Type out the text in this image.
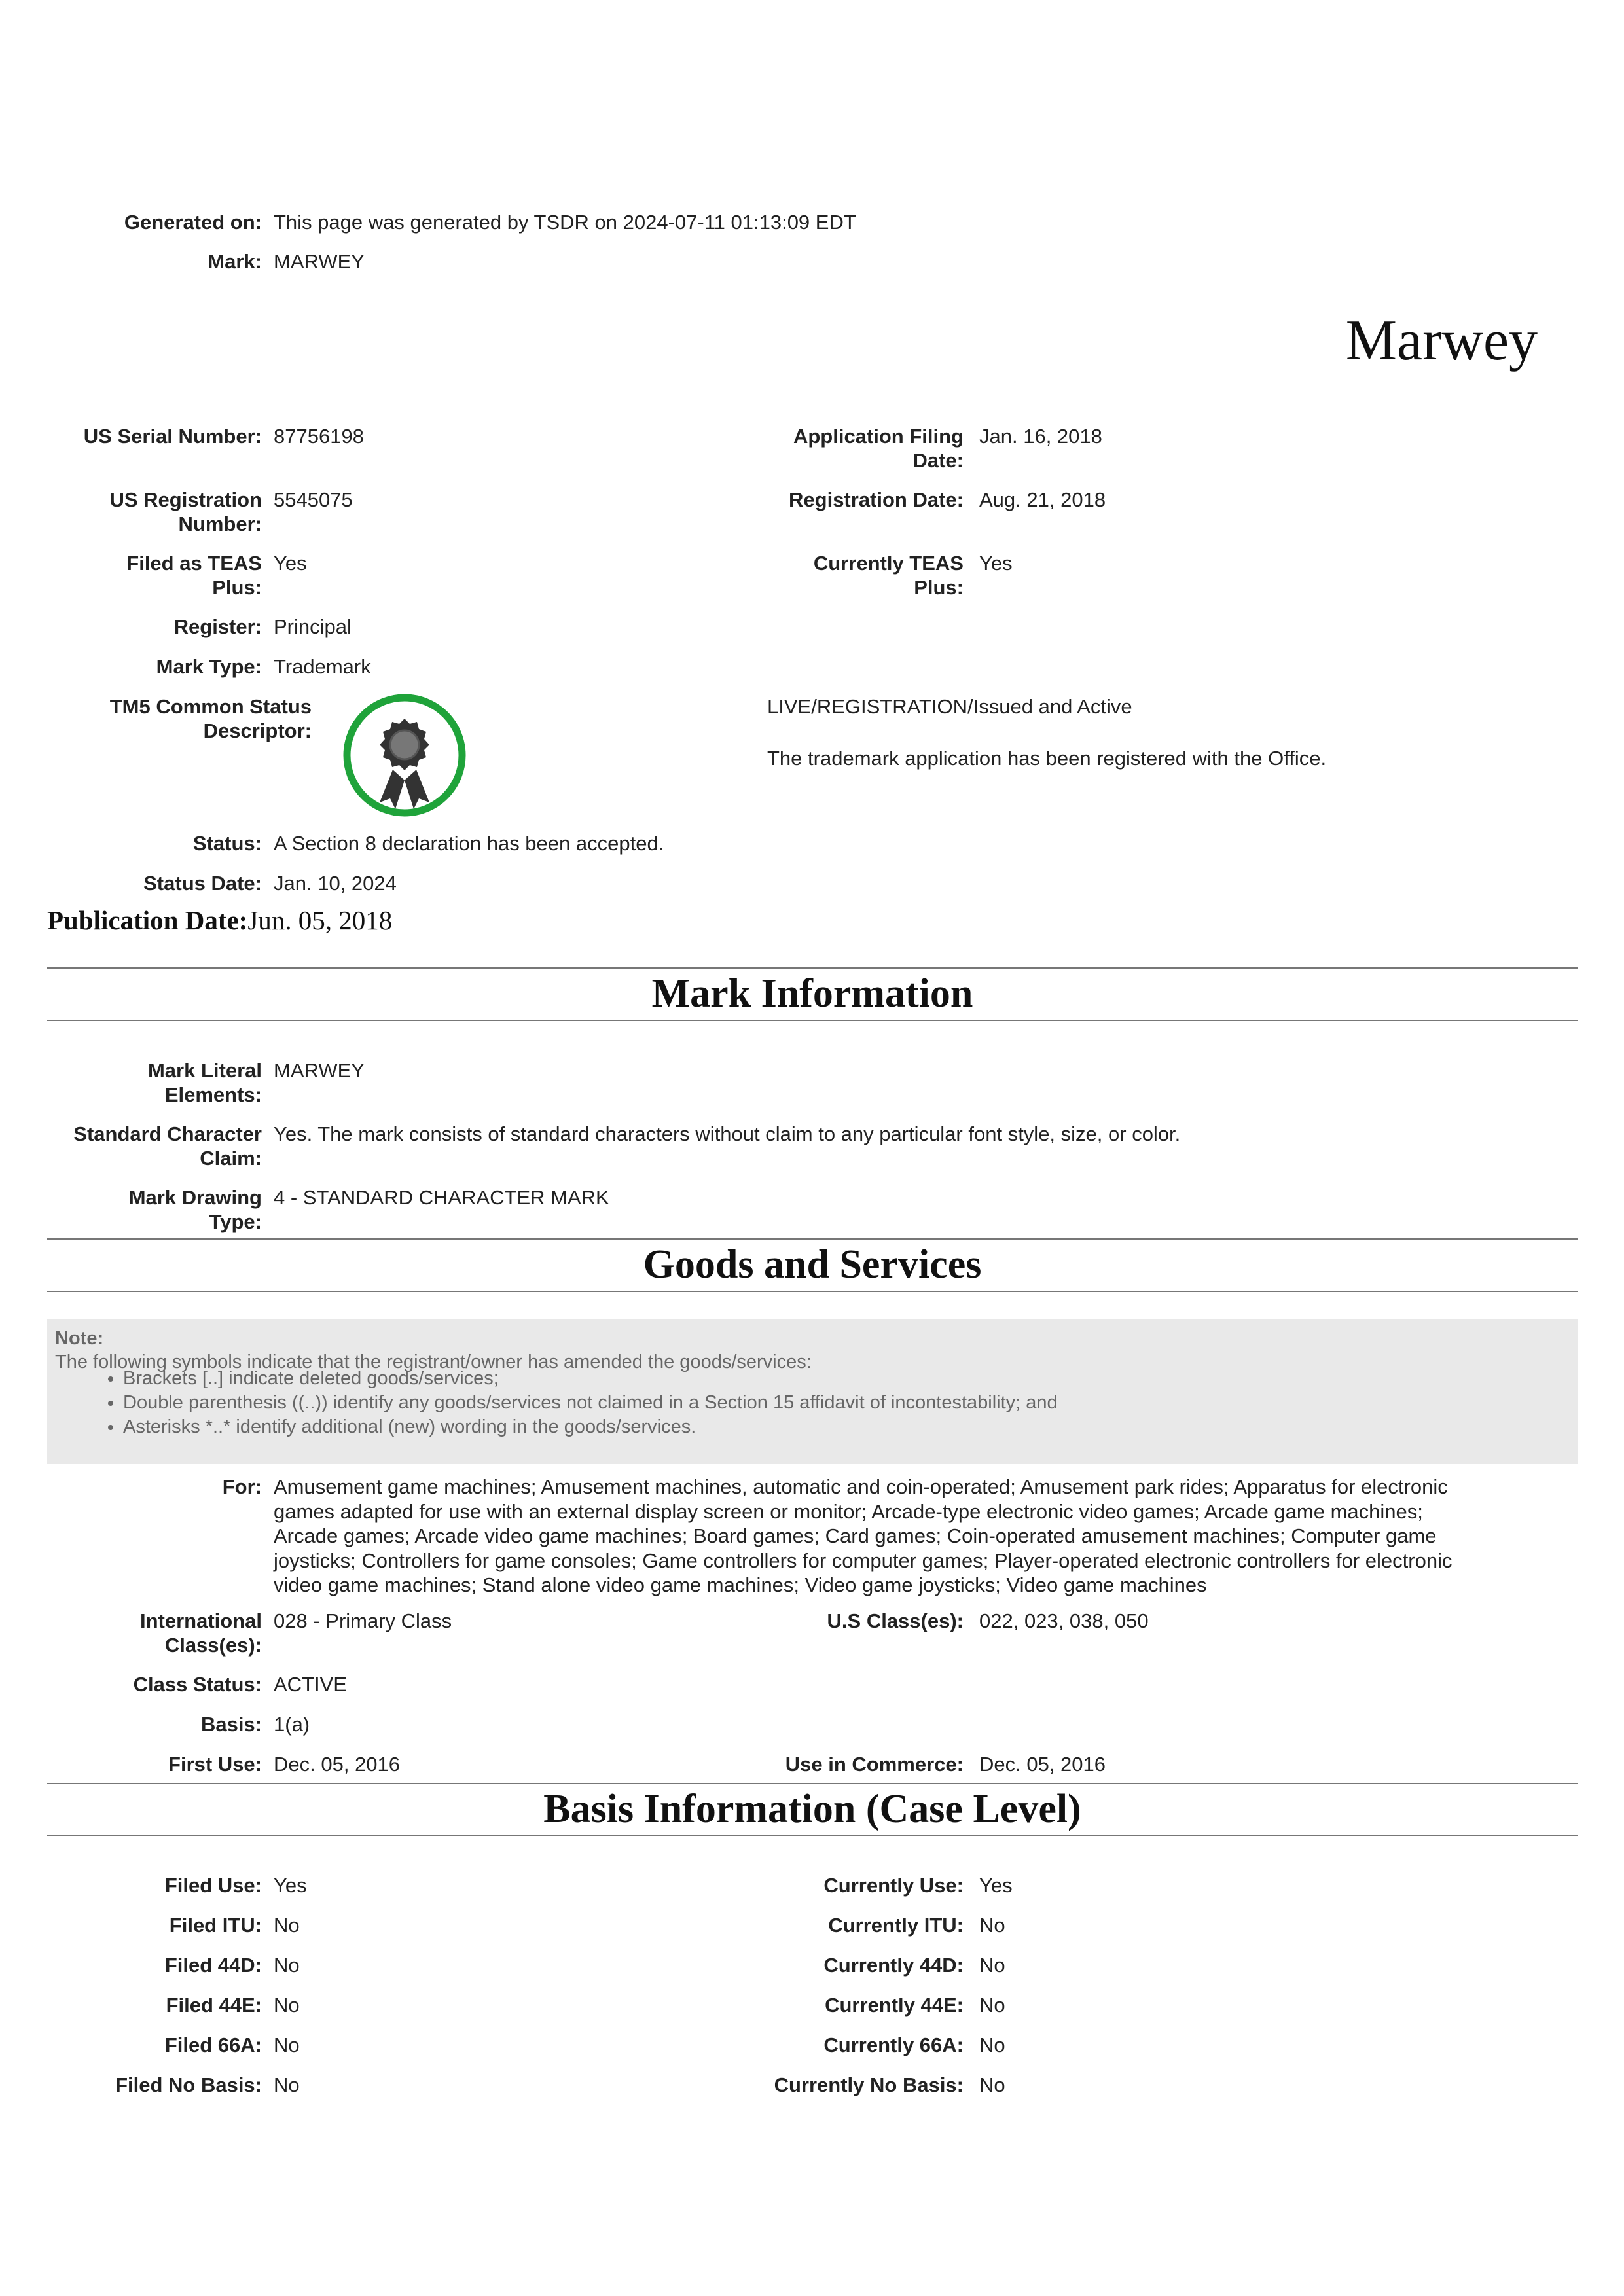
Generated on: This page was generated by TSDR on 2024-07-11 01:13:09 EDT
Mark: MARWEY
Marwey
US Serial Number: 87756198
US Registration
Number:
5545075
Filed as TEAS
Plus:
Yes
Register: Principal
Mark Type: Trademark
TM5 Common Status
Descriptor:
LIVE/REGISTRATION/Issued and Active
The trademark application has been registered with the Office.
Status: A Section 8 declaration has been accepted.
Status Date: Jan. 10, 2024
Publication Date:Jun. 05, 2018
Application Filing
Date:
Jan. 16, 2018
Registration Date: Aug. 21, 2018
Currently TEAS
Plus:
Yes
Mark Information
Mark Literal
Elements:
MARWEY
Standard Character
Claim:
Yes. The mark consists of standard characters without claim to any particular font style, size, or color.
Mark Drawing
Type:
4 - STANDARD CHARACTER MARK
Goods and Services
Note:
The following symbols indicate that the registrant/owner has amended the goods/services:
• Brackets [..] indicate deleted goods/services;
• Double parenthesis ((..)) identify any goods/services not claimed in a Section 15 affidavit of incontestability; and
• Asterisks *..* identify additional (new) wording in the goods/services.
For: Amusement game machines; Amusement machines, automatic and coin-operated; Amusement park rides; Apparatus for electronic games adapted for use with an external display screen or monitor; Arcade-type electronic video games; Arcade game machines; Arcade games; Arcade video game machines; Board games; Card games; Coin-operated amusement machines; Computer game joysticks; Controllers for game consoles; Game controllers for computer games; Player-operated electronic controllers for electronic video game machines; Stand alone video game machines; Video game joysticks; Video game machines
International
Class(es):
028 - Primary Class	U.S Class(es): 022, 023, 038, 050
Class Status: ACTIVE
Basis: 1(a)
First Use: Dec. 05, 2016	Use in Commerce: Dec. 05, 2016
Basis Information (Case Level)
Filed Use: Yes	Currently Use: Yes
Filed ITU: No	Currently ITU: No
Filed 44D: No	Currently 44D: No
Filed 44E: No	Currently 44E: No
Filed 66A: No	Currently 66A: No
Filed No Basis: No	Currently No Basis: No
